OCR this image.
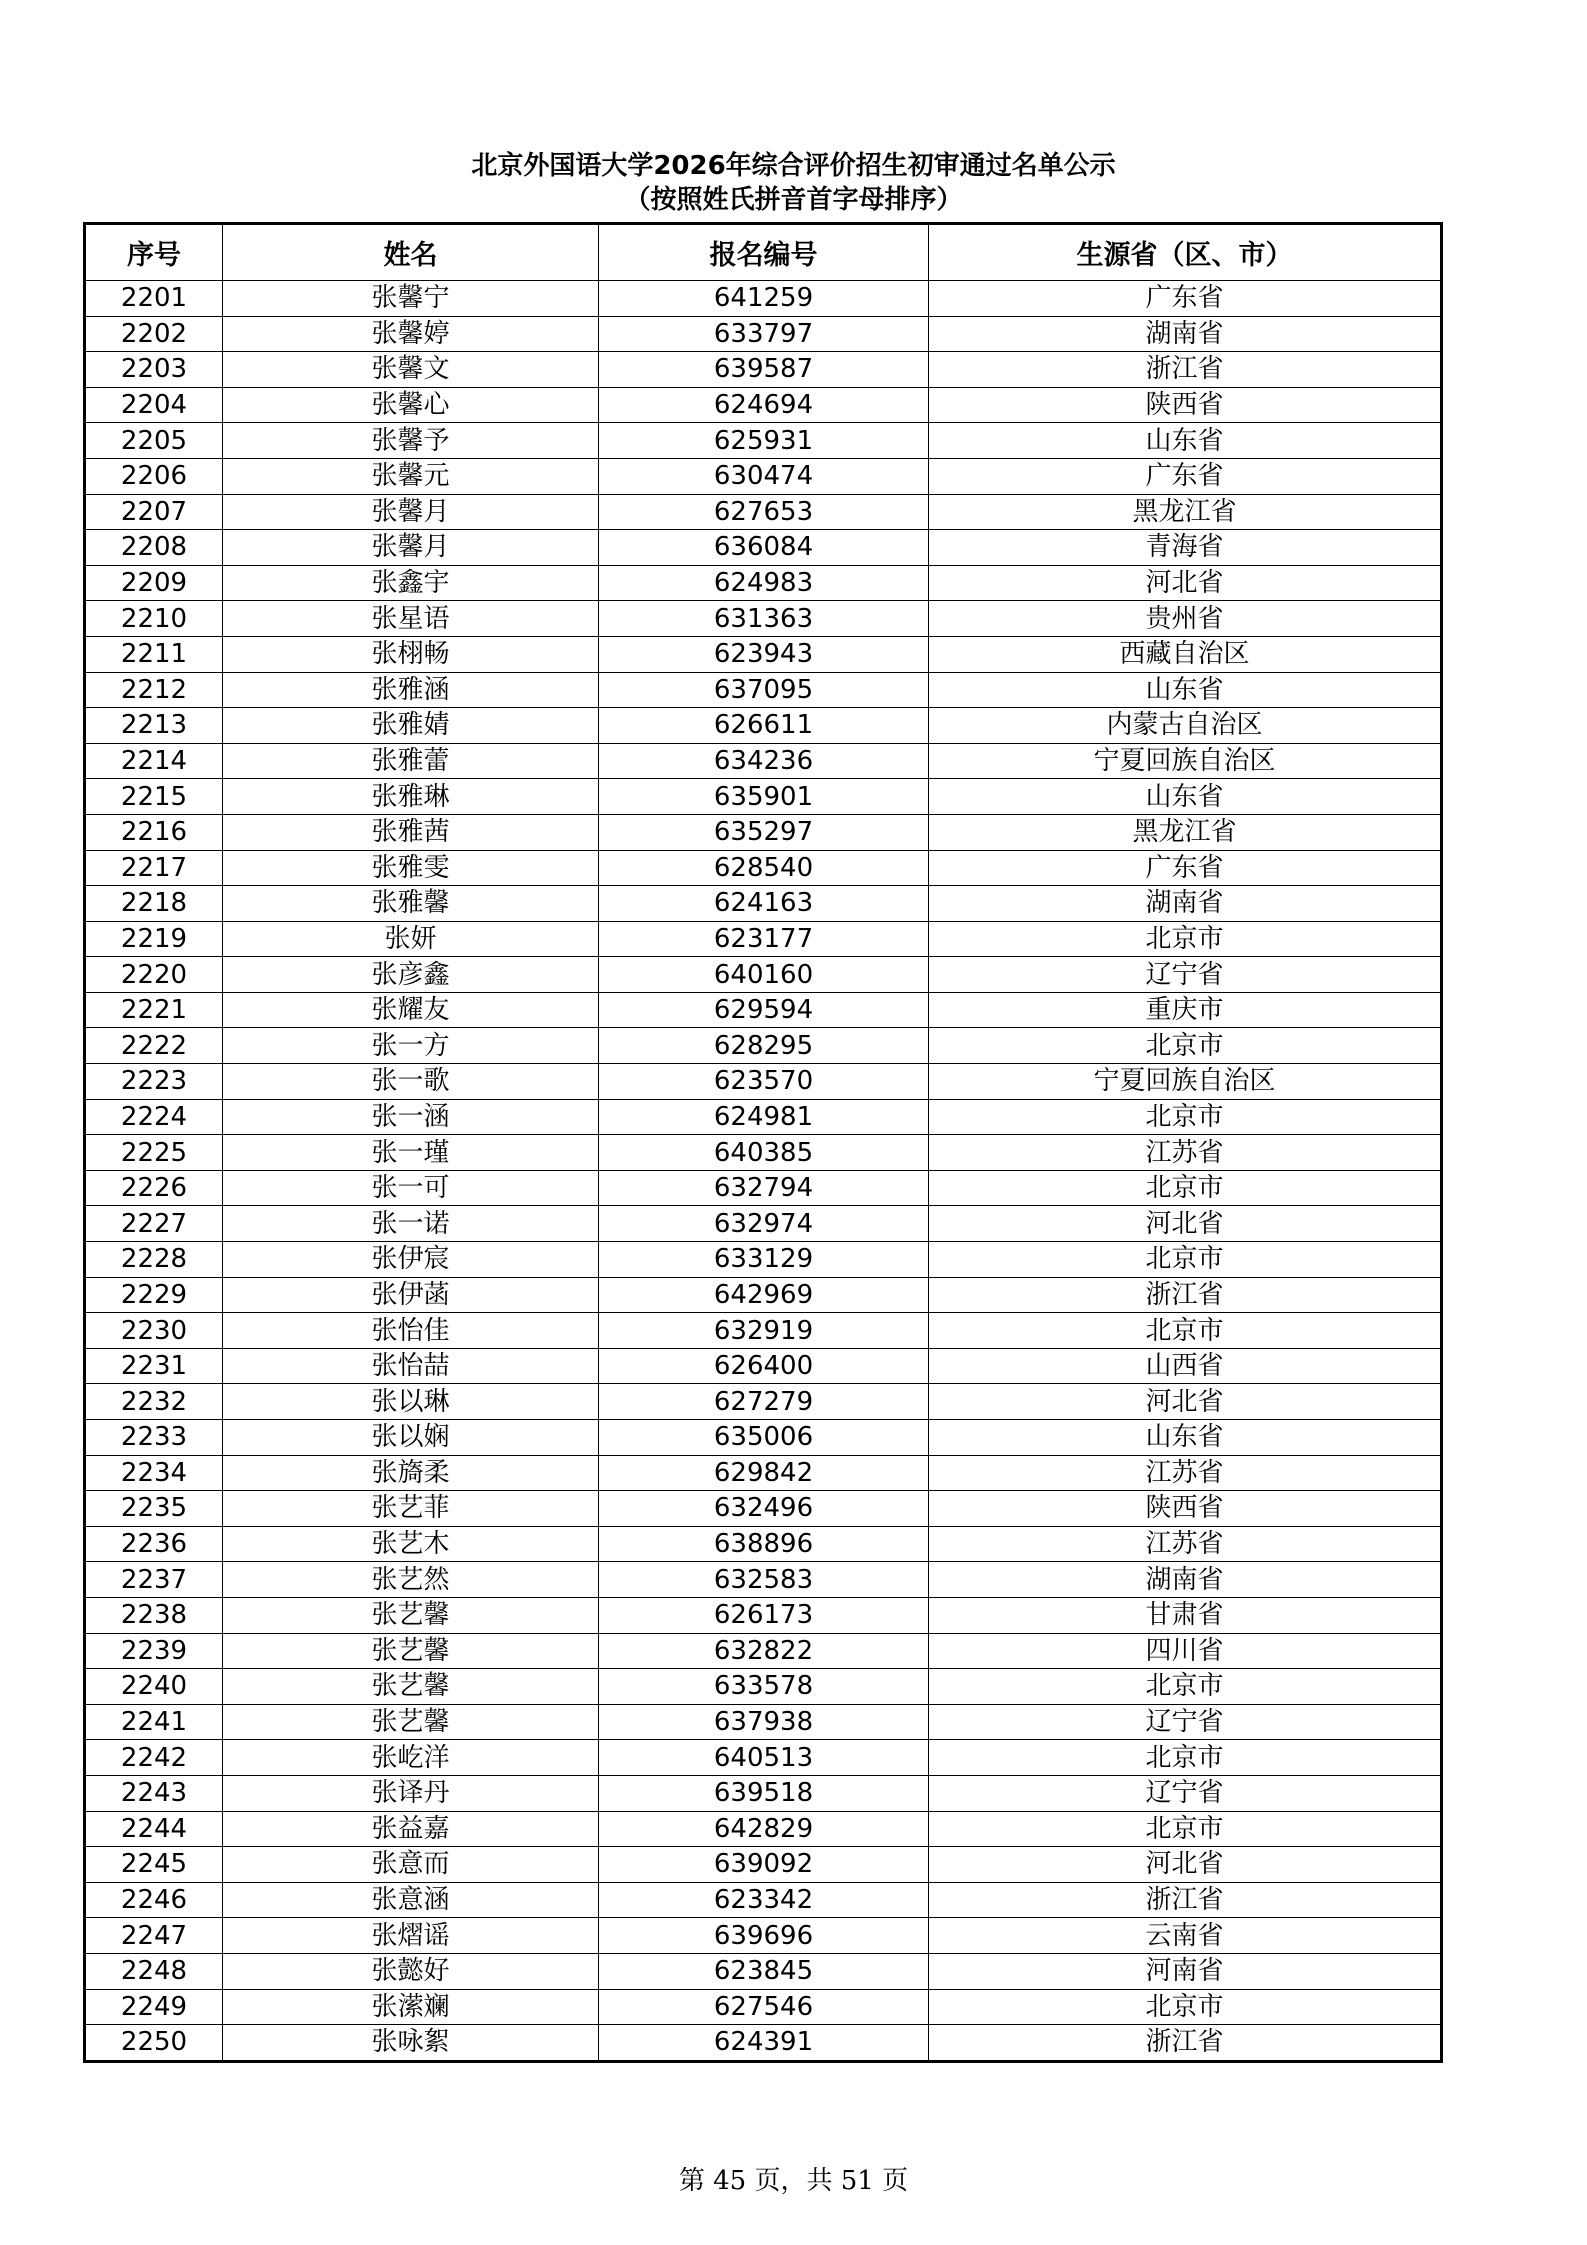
北京外国语大学2026年综合评价招生初审通过名单公示
（按照姓氏拼音首字母排序）
序号	姓名	报名编号	生源省（区、市）
2201	张馨宁	641259	广东省
2202	张馨婷	633797	湖南省
2203	张馨文	639587	浙江省
2204	张馨心	624694	陕西省
2205	张馨予	625931	山东省
2206	张馨元	630474	广东省
2207	张馨月	627653	黑龙江省
2208	张馨月	636084	青海省
2209	张鑫宇	624983	河北省
2210	张星语	631363	贵州省
2211	张栩畅	623943	西藏自治区
2212	张雅涵	637095	山东省
2213	张雅婧	626611	内蒙古自治区
2214	张雅蕾	634236	宁夏回族自治区
2215	张雅琳	635901	山东省
2216	张雅茜	635297	黑龙江省
2217	张雅雯	628540	广东省
2218	张雅馨	624163	湖南省
2219	张妍	623177	北京市
2220	张彦鑫	640160	辽宁省
2221	张耀友	629594	重庆市
2222	张一方	628295	北京市
2223	张一歌	623570	宁夏回族自治区
2224	张一涵	624981	北京市
2225	张一瑾	640385	江苏省
2226	张一可	632794	北京市
2227	张一诺	632974	河北省
2228	张伊宸	633129	北京市
2229	张伊菡	642969	浙江省
2230	张怡佳	632919	北京市
2231	张怡喆	626400	山西省
2232	张以琳	627279	河北省
2233	张以娴	635006	山东省
2234	张旖柔	629842	江苏省
2235	张艺菲	632496	陕西省
2236	张艺木	638896	江苏省
2237	张艺然	632583	湖南省
2238	张艺馨	626173	甘肃省
2239	张艺馨	632822	四川省
2240	张艺馨	633578	北京市
2241	张艺馨	637938	辽宁省
2242	张屹洋	640513	北京市
2243	张译丹	639518	辽宁省
2244	张益嘉	642829	北京市
2245	张意而	639092	河北省
2246	张意涵	623342	浙江省
2247	张熠谣	639696	云南省
2248	张懿好	623845	河南省
2249	张潆斓	627546	北京市
2250	张咏絮	624391	浙江省
第 45 页，共 51 页
